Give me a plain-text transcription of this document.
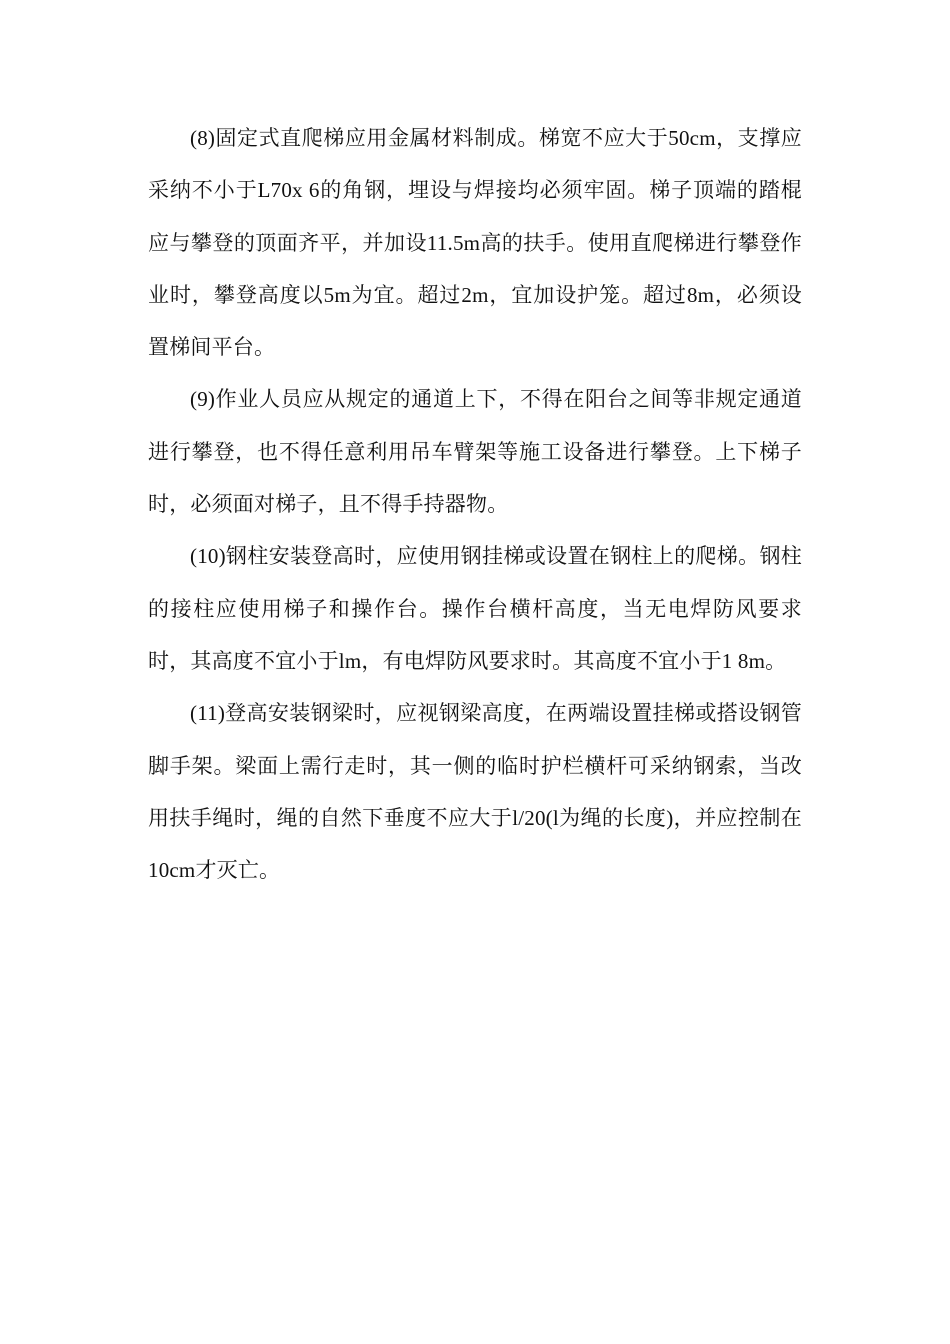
(8)固定式直爬梯应用金属材料制成。梯宽不应大于50cm，支撑应采纳不小于L70x 6的角钢，埋设与焊接均必须牢固。梯子顶端的踏棍应与攀登的顶面齐平，并加设11.5m高的扶手。使用直爬梯进行攀登作业时，攀登高度以5m为宜。超过2m，宜加设护笼。超过8m，必须设置梯间平台。

(9)作业人员应从规定的通道上下，不得在阳台之间等非规定通道进行攀登，也不得任意利用吊车臂架等施工设备进行攀登。上下梯子时，必须面对梯子，且不得手持器物。

(10)钢柱安装登高时，应使用钢挂梯或设置在钢柱上的爬梯。钢柱的接柱应使用梯子和操作台。操作台横杆高度，当无电焊防风要求时，其高度不宜小于lm，有电焊防风要求时。其高度不宜小于1 8m。

(11)登高安装钢梁时，应视钢梁高度，在两端设置挂梯或搭设钢管脚手架。梁面上需行走时，其一侧的临时护栏横杆可采纳钢索，当改用扶手绳时，绳的自然下垂度不应大于l/20(l为绳的长度)，并应控制在10cm才灭亡。
